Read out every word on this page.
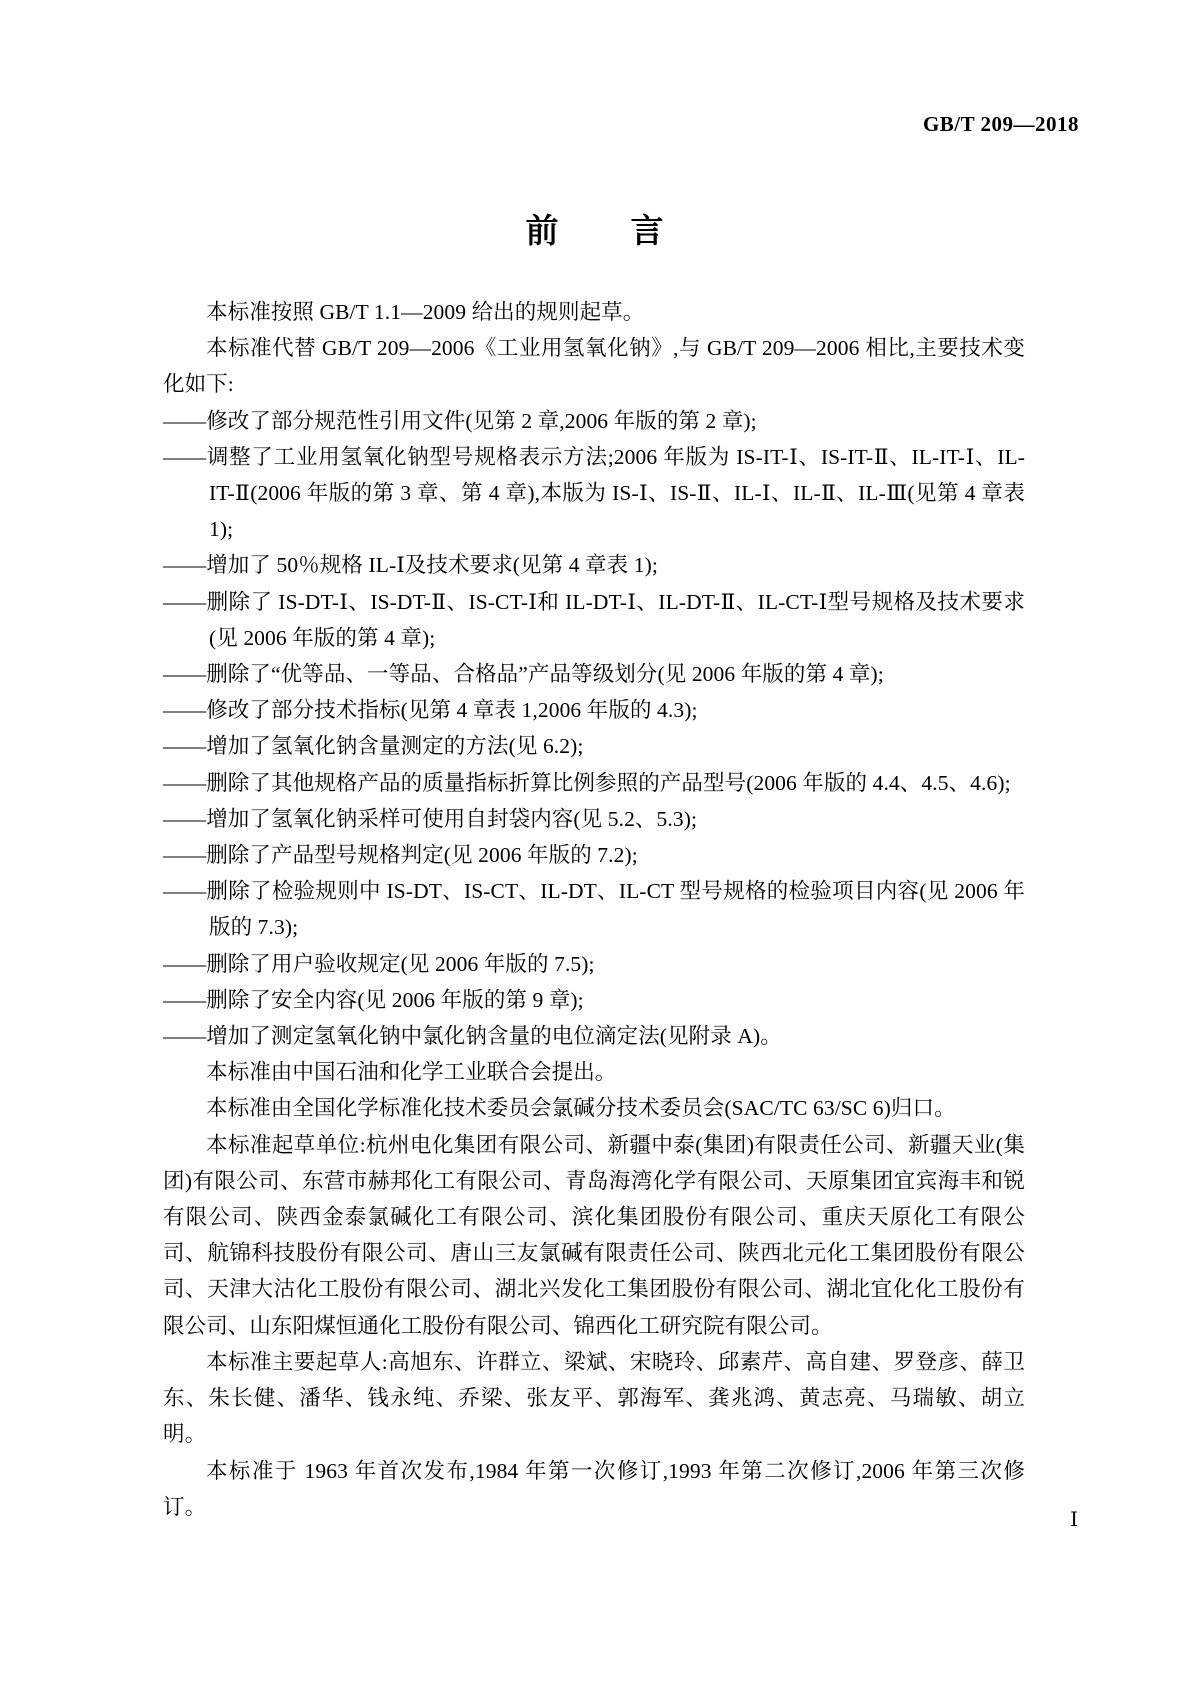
GB/T 209—2018
前　　言

本标准按照 GB/T 1.1—2009 给出的规则起草。

本标准代替 GB/T 209—2006《工业用氢氧化钠》,与 GB/T 209—2006 相比,主要技术变化如下:

——修改了部分规范性引用文件(见第 2 章,2006 年版的第 2 章);

——调整了工业用氢氧化钠型号规格表示方法;2006 年版为 IS-IT-Ⅰ、IS-IT-Ⅱ、IL-IT-Ⅰ、IL-IT-Ⅱ(2006 年版的第 3 章、第 4 章),本版为 IS-Ⅰ、IS-Ⅱ、IL-Ⅰ、IL-Ⅱ、IL-Ⅲ(见第 4 章表 1);

——增加了 50％规格 IL-Ⅰ及技术要求(见第 4 章表 1);

——删除了 IS-DT-Ⅰ、IS-DT-Ⅱ、IS-CT-Ⅰ和 IL-DT-Ⅰ、IL-DT-Ⅱ、IL-CT-Ⅰ型号规格及技术要求(见 2006 年版的第 4 章);

——删除了“优等品、一等品、合格品”产品等级划分(见 2006 年版的第 4 章);

——修改了部分技术指标(见第 4 章表 1,2006 年版的 4.3);

——增加了氢氧化钠含量测定的方法(见 6.2);

——删除了其他规格产品的质量指标折算比例参照的产品型号(2006 年版的 4.4、4.5、4.6);

——增加了氢氧化钠采样可使用自封袋内容(见 5.2、5.3);

——删除了产品型号规格判定(见 2006 年版的 7.2);

——删除了检验规则中 IS-DT、IS-CT、IL-DT、IL-CT 型号规格的检验项目内容(见 2006 年版的 7.3);

——删除了用户验收规定(见 2006 年版的 7.5);

——删除了安全内容(见 2006 年版的第 9 章);

——增加了测定氢氧化钠中氯化钠含量的电位滴定法(见附录 A)。

本标准由中国石油和化学工业联合会提出。

本标准由全国化学标准化技术委员会氯碱分技术委员会(SAC/TC 63/SC 6)归口。

本标准起草单位:杭州电化集团有限公司、新疆中泰(集团)有限责任公司、新疆天业(集团)有限公司、东营市赫邦化工有限公司、青岛海湾化学有限公司、天原集团宜宾海丰和锐有限公司、陕西金泰氯碱化工有限公司、滨化集团股份有限公司、重庆天原化工有限公司、航锦科技股份有限公司、唐山三友氯碱有限责任公司、陕西北元化工集团股份有限公司、天津大沽化工股份有限公司、湖北兴发化工集团股份有限公司、湖北宜化化工股份有限公司、山东阳煤恒通化工股份有限公司、锦西化工研究院有限公司。

本标准主要起草人:高旭东、许群立、梁斌、宋晓玲、邱素芹、高自建、罗登彦、薛卫东、朱长健、潘华、钱永纯、乔梁、张友平、郭海军、龚兆鸿、黄志亮、马瑞敏、胡立明。

本标准于 1963 年首次发布,1984 年第一次修订,1993 年第二次修订,2006 年第三次修订。

Ⅰ
